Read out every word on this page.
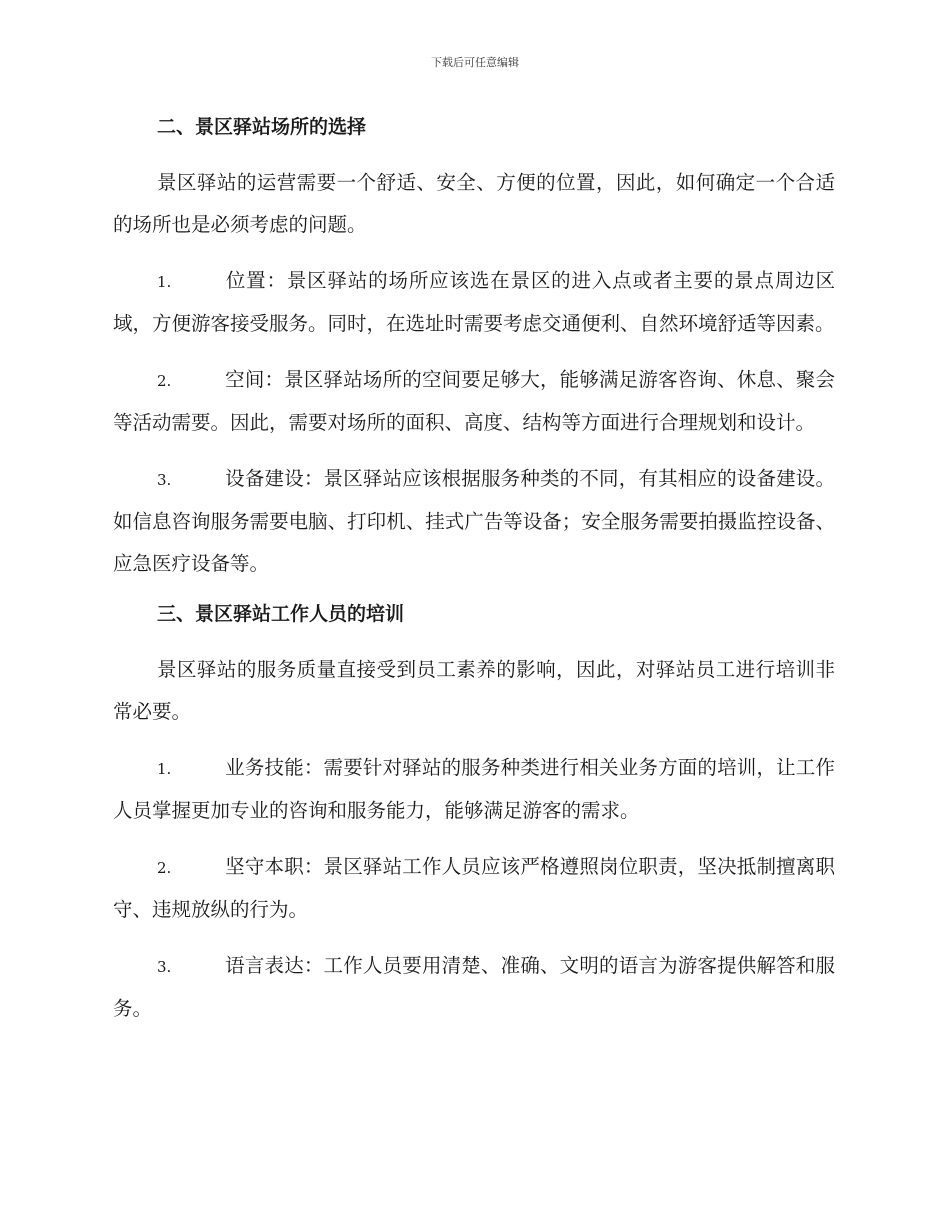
下载后可任意编辑
二、景区驿站场所的选择

景区驿站的运营需要一个舒适、安全、方便的位置，因此，如何确定一个合适的场所也是必须考虑的问题。

1.	位置：景区驿站的场所应该选在景区的进入点或者主要的景点周边区域，方便游客接受服务。同时，在选址时需要考虑交通便利、自然环境舒适等因素。

2.	空间：景区驿站场所的空间要足够大，能够满足游客咨询、休息、聚会等活动需要。因此，需要对场所的面积、高度、结构等方面进行合理规划和设计。

3.	设备建设：景区驿站应该根据服务种类的不同，有其相应的设备建设。如信息咨询服务需要电脑、打印机、挂式广告等设备；安全服务需要拍摄监控设备、应急医疗设备等。

三、景区驿站工作人员的培训

景区驿站的服务质量直接受到员工素养的影响，因此，对驿站员工进行培训非常必要。

1.	业务技能：需要针对驿站的服务种类进行相关业务方面的培训，让工作人员掌握更加专业的咨询和服务能力，能够满足游客的需求。

2.	坚守本职：景区驿站工作人员应该严格遵照岗位职责，坚决抵制擅离职守、违规放纵的行为。

3.	语言表达：工作人员要用清楚、准确、文明的语言为游客提供解答和服务。
